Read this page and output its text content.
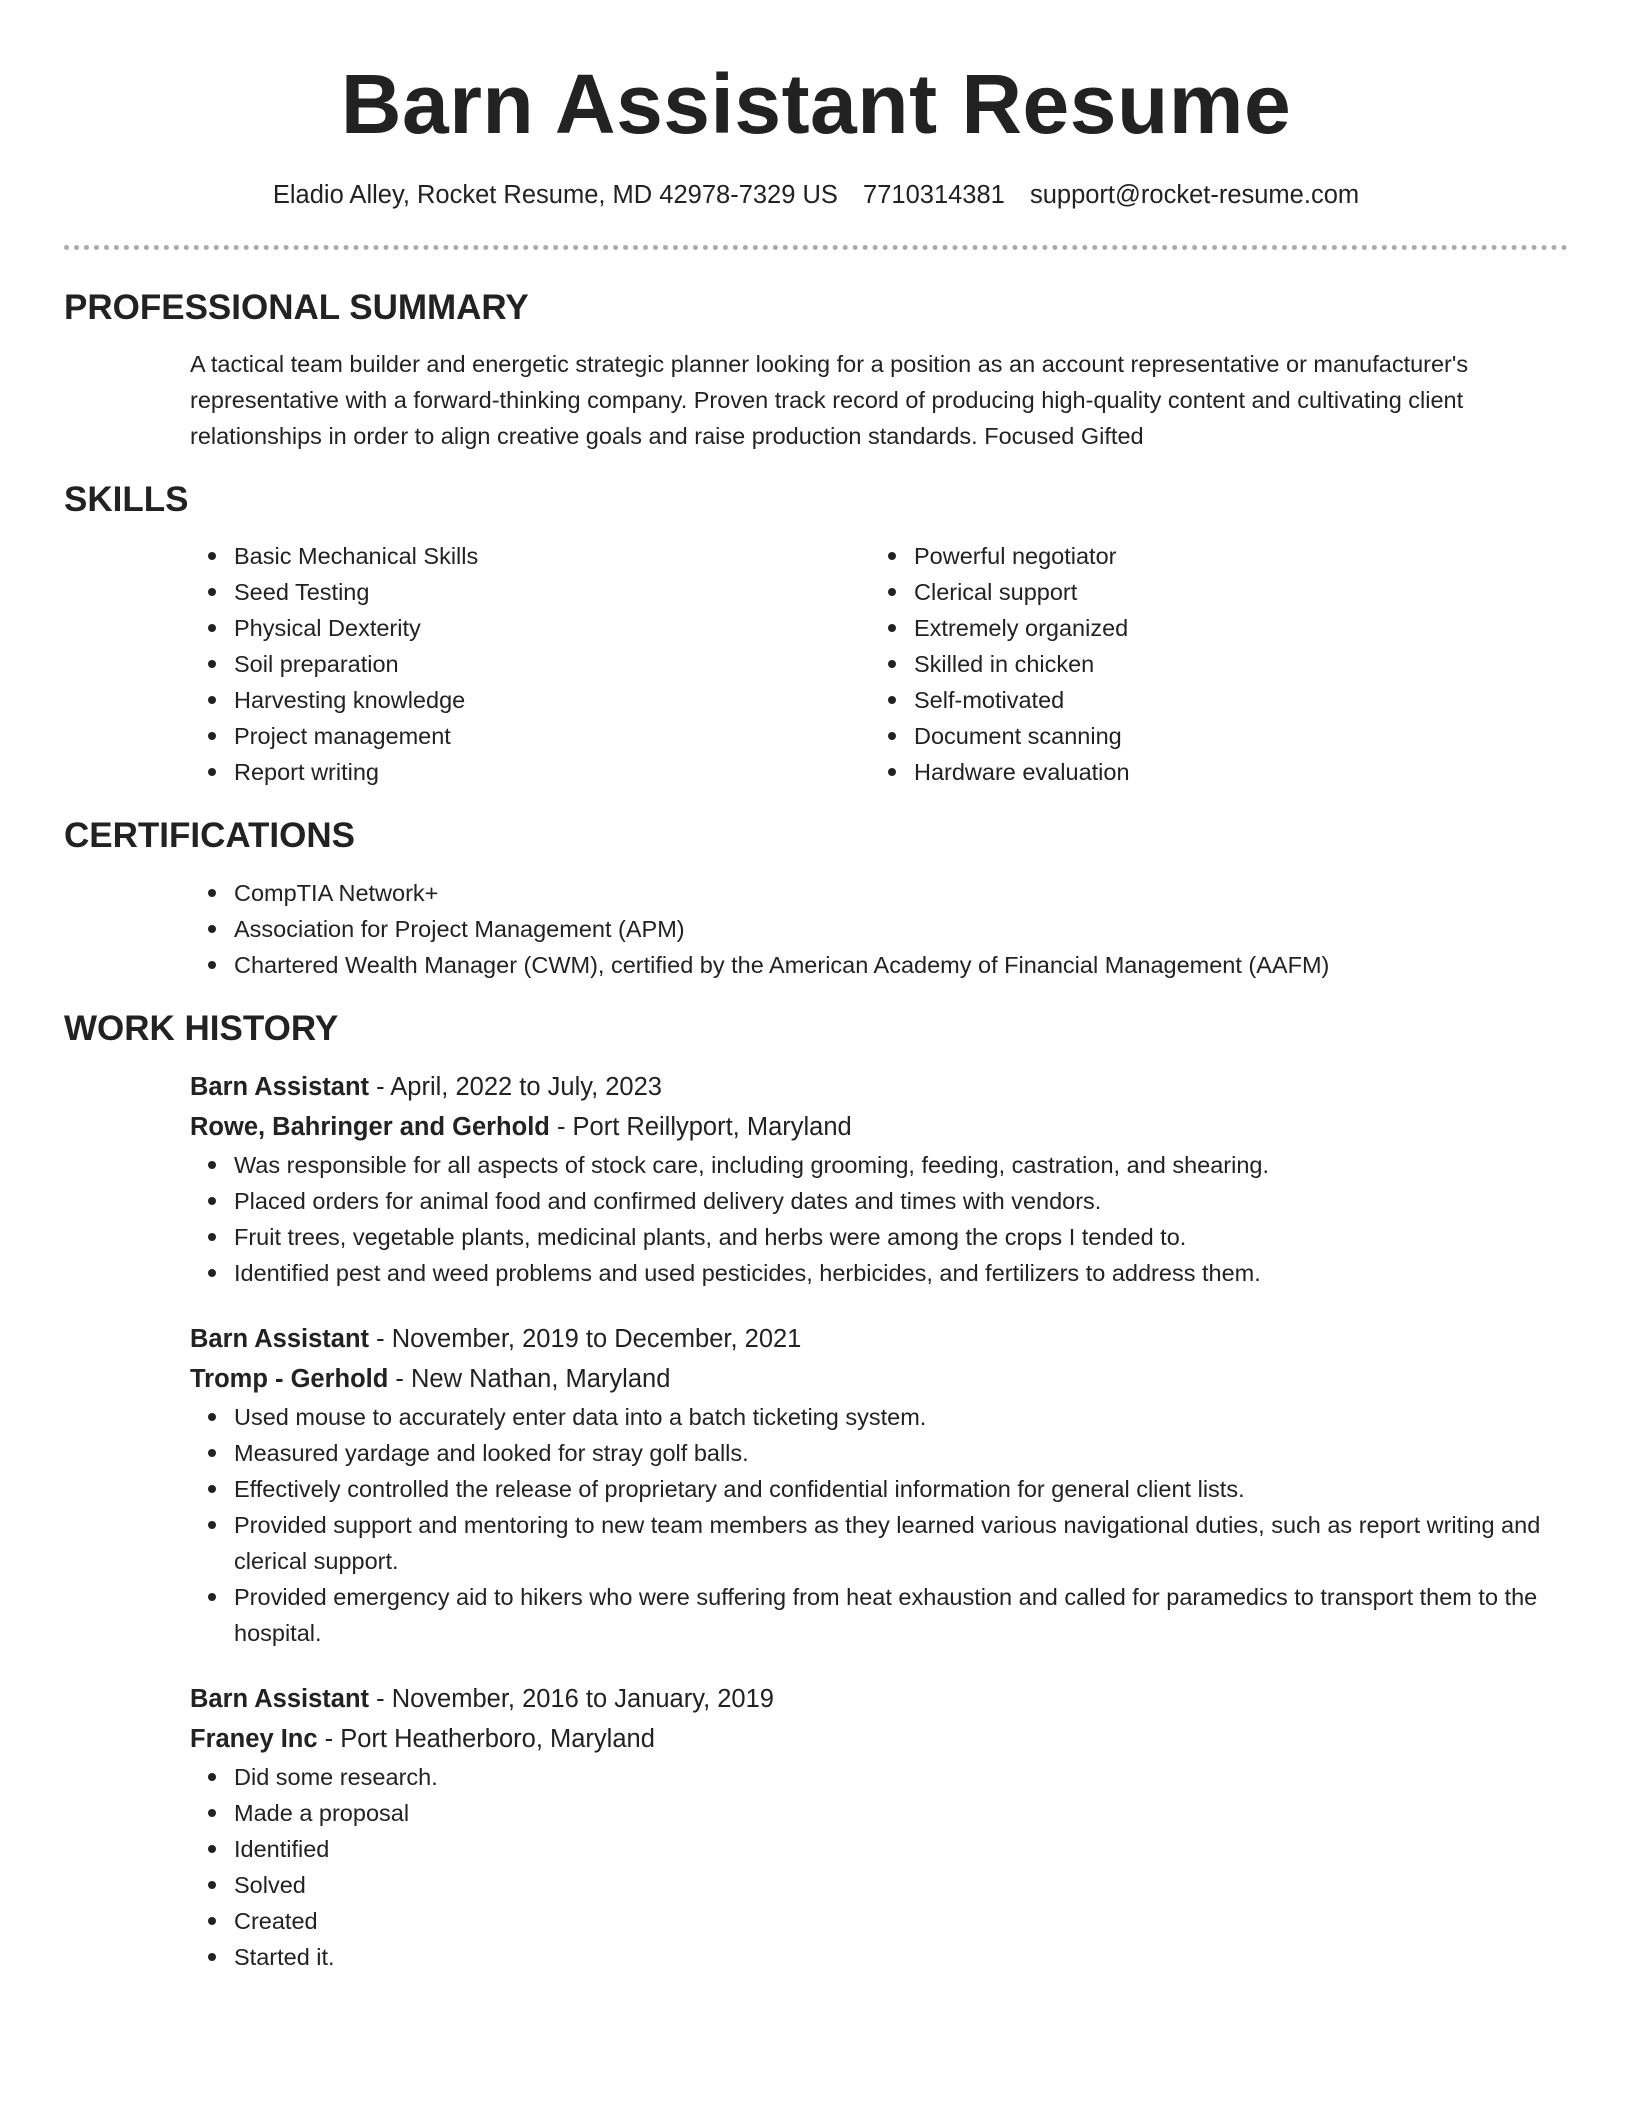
Barn Assistant Resume
Eladio Alley, Rocket Resume, MD 42978-7329 US 7710314381 support@rocket-resume.com
PROFESSIONAL SUMMARY

A tactical team builder and energetic strategic planner looking for a position as an account representative or manufacturer's representative with a forward-thinking company. Proven track record of producing high-quality content and cultivating client relationships in order to align creative goals and raise production standards. Focused Gifted

SKILLS
Basic Mechanical Skills
Seed Testing
Physical Dexterity
Soil preparation
Harvesting knowledge
Project management
Report writing
Powerful negotiator
Clerical support
Extremely organized
Skilled in chicken
Self-motivated
Document scanning
Hardware evaluation
CERTIFICATIONS
CompTIA Network+
Association for Project Management (APM)
Chartered Wealth Manager (CWM), certified by the American Academy of Financial Management (AAFM)
WORK HISTORY
Barn Assistant - April, 2022 to July, 2023
Rowe, Bahringer and Gerhold - Port Reillyport, Maryland
Was responsible for all aspects of stock care, including grooming, feeding, castration, and shearing.
Placed orders for animal food and confirmed delivery dates and times with vendors.
Fruit trees, vegetable plants, medicinal plants, and herbs were among the crops I tended to.
Identified pest and weed problems and used pesticides, herbicides, and fertilizers to address them.
Barn Assistant - November, 2019 to December, 2021
Tromp - Gerhold - New Nathan, Maryland
Used mouse to accurately enter data into a batch ticketing system.
Measured yardage and looked for stray golf balls.
Effectively controlled the release of proprietary and confidential information for general client lists.
Provided support and mentoring to new team members as they learned various navigational duties, such as report writing and clerical support.
Provided emergency aid to hikers who were suffering from heat exhaustion and called for paramedics to transport them to the hospital.
Barn Assistant - November, 2016 to January, 2019
Franey Inc - Port Heatherboro, Maryland
Did some research.
Made a proposal
Identified
Solved
Created
Started it.
